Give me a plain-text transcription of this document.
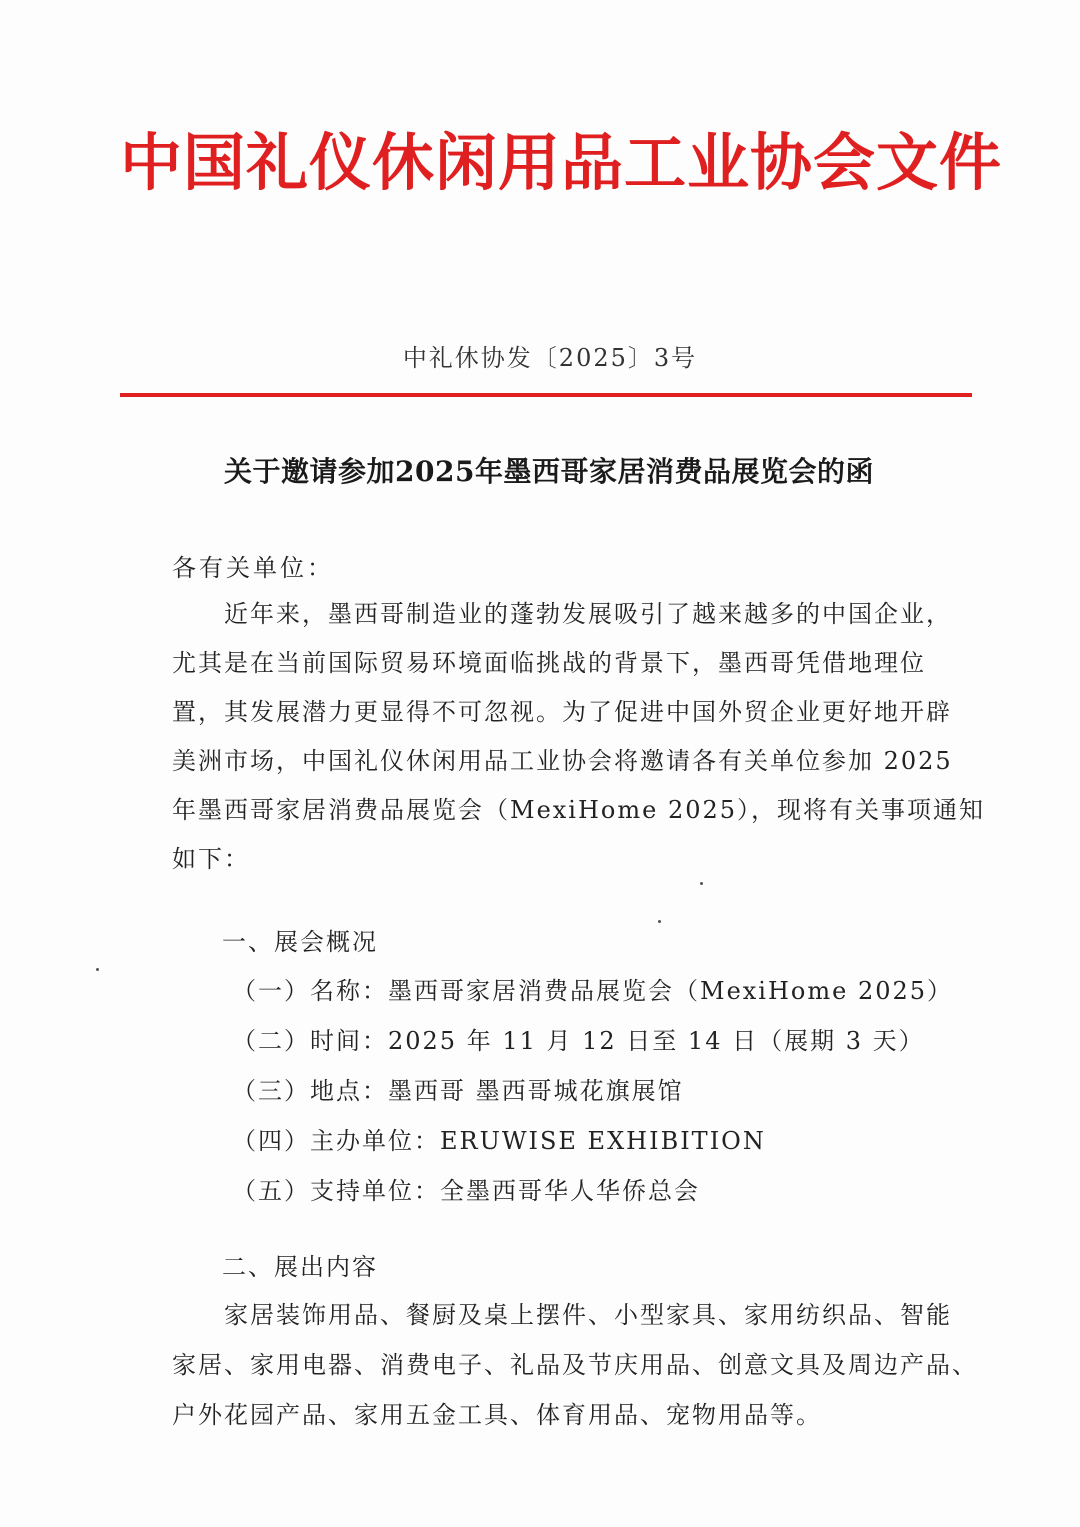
中国礼仪休闲用品工业协会文件
中礼休协发〔2025〕3号
关于邀请参加2025年墨西哥家居消费品展览会的函
各有关单位：
近年来，墨西哥制造业的蓬勃发展吸引了越来越多的中国企业，
尤其是在当前国际贸易环境面临挑战的背景下，墨西哥凭借地理位
置，其发展潜力更显得不可忽视。为了促进中国外贸企业更好地开辟
美洲市场，中国礼仪休闲用品工业协会将邀请各有关单位参加 2025
年墨西哥家居消费品展览会（MexiHome 2025），现将有关事项通知
如下：
一、展会概况
（一）名称：墨西哥家居消费品展览会（MexiHome 2025）
（二）时间：2025 年 11 月 12 日至 14 日（展期 3 天）
（三）地点：墨西哥 墨西哥城花旗展馆
（四）主办单位：ERUWISE EXHIBITION
（五）支持单位：全墨西哥华人华侨总会
二、展出内容
家居装饰用品、餐厨及桌上摆件、小型家具、家用纺织品、智能
家居、家用电器、消费电子、礼品及节庆用品、创意文具及周边产品、
户外花园产品、家用五金工具、体育用品、宠物用品等。
